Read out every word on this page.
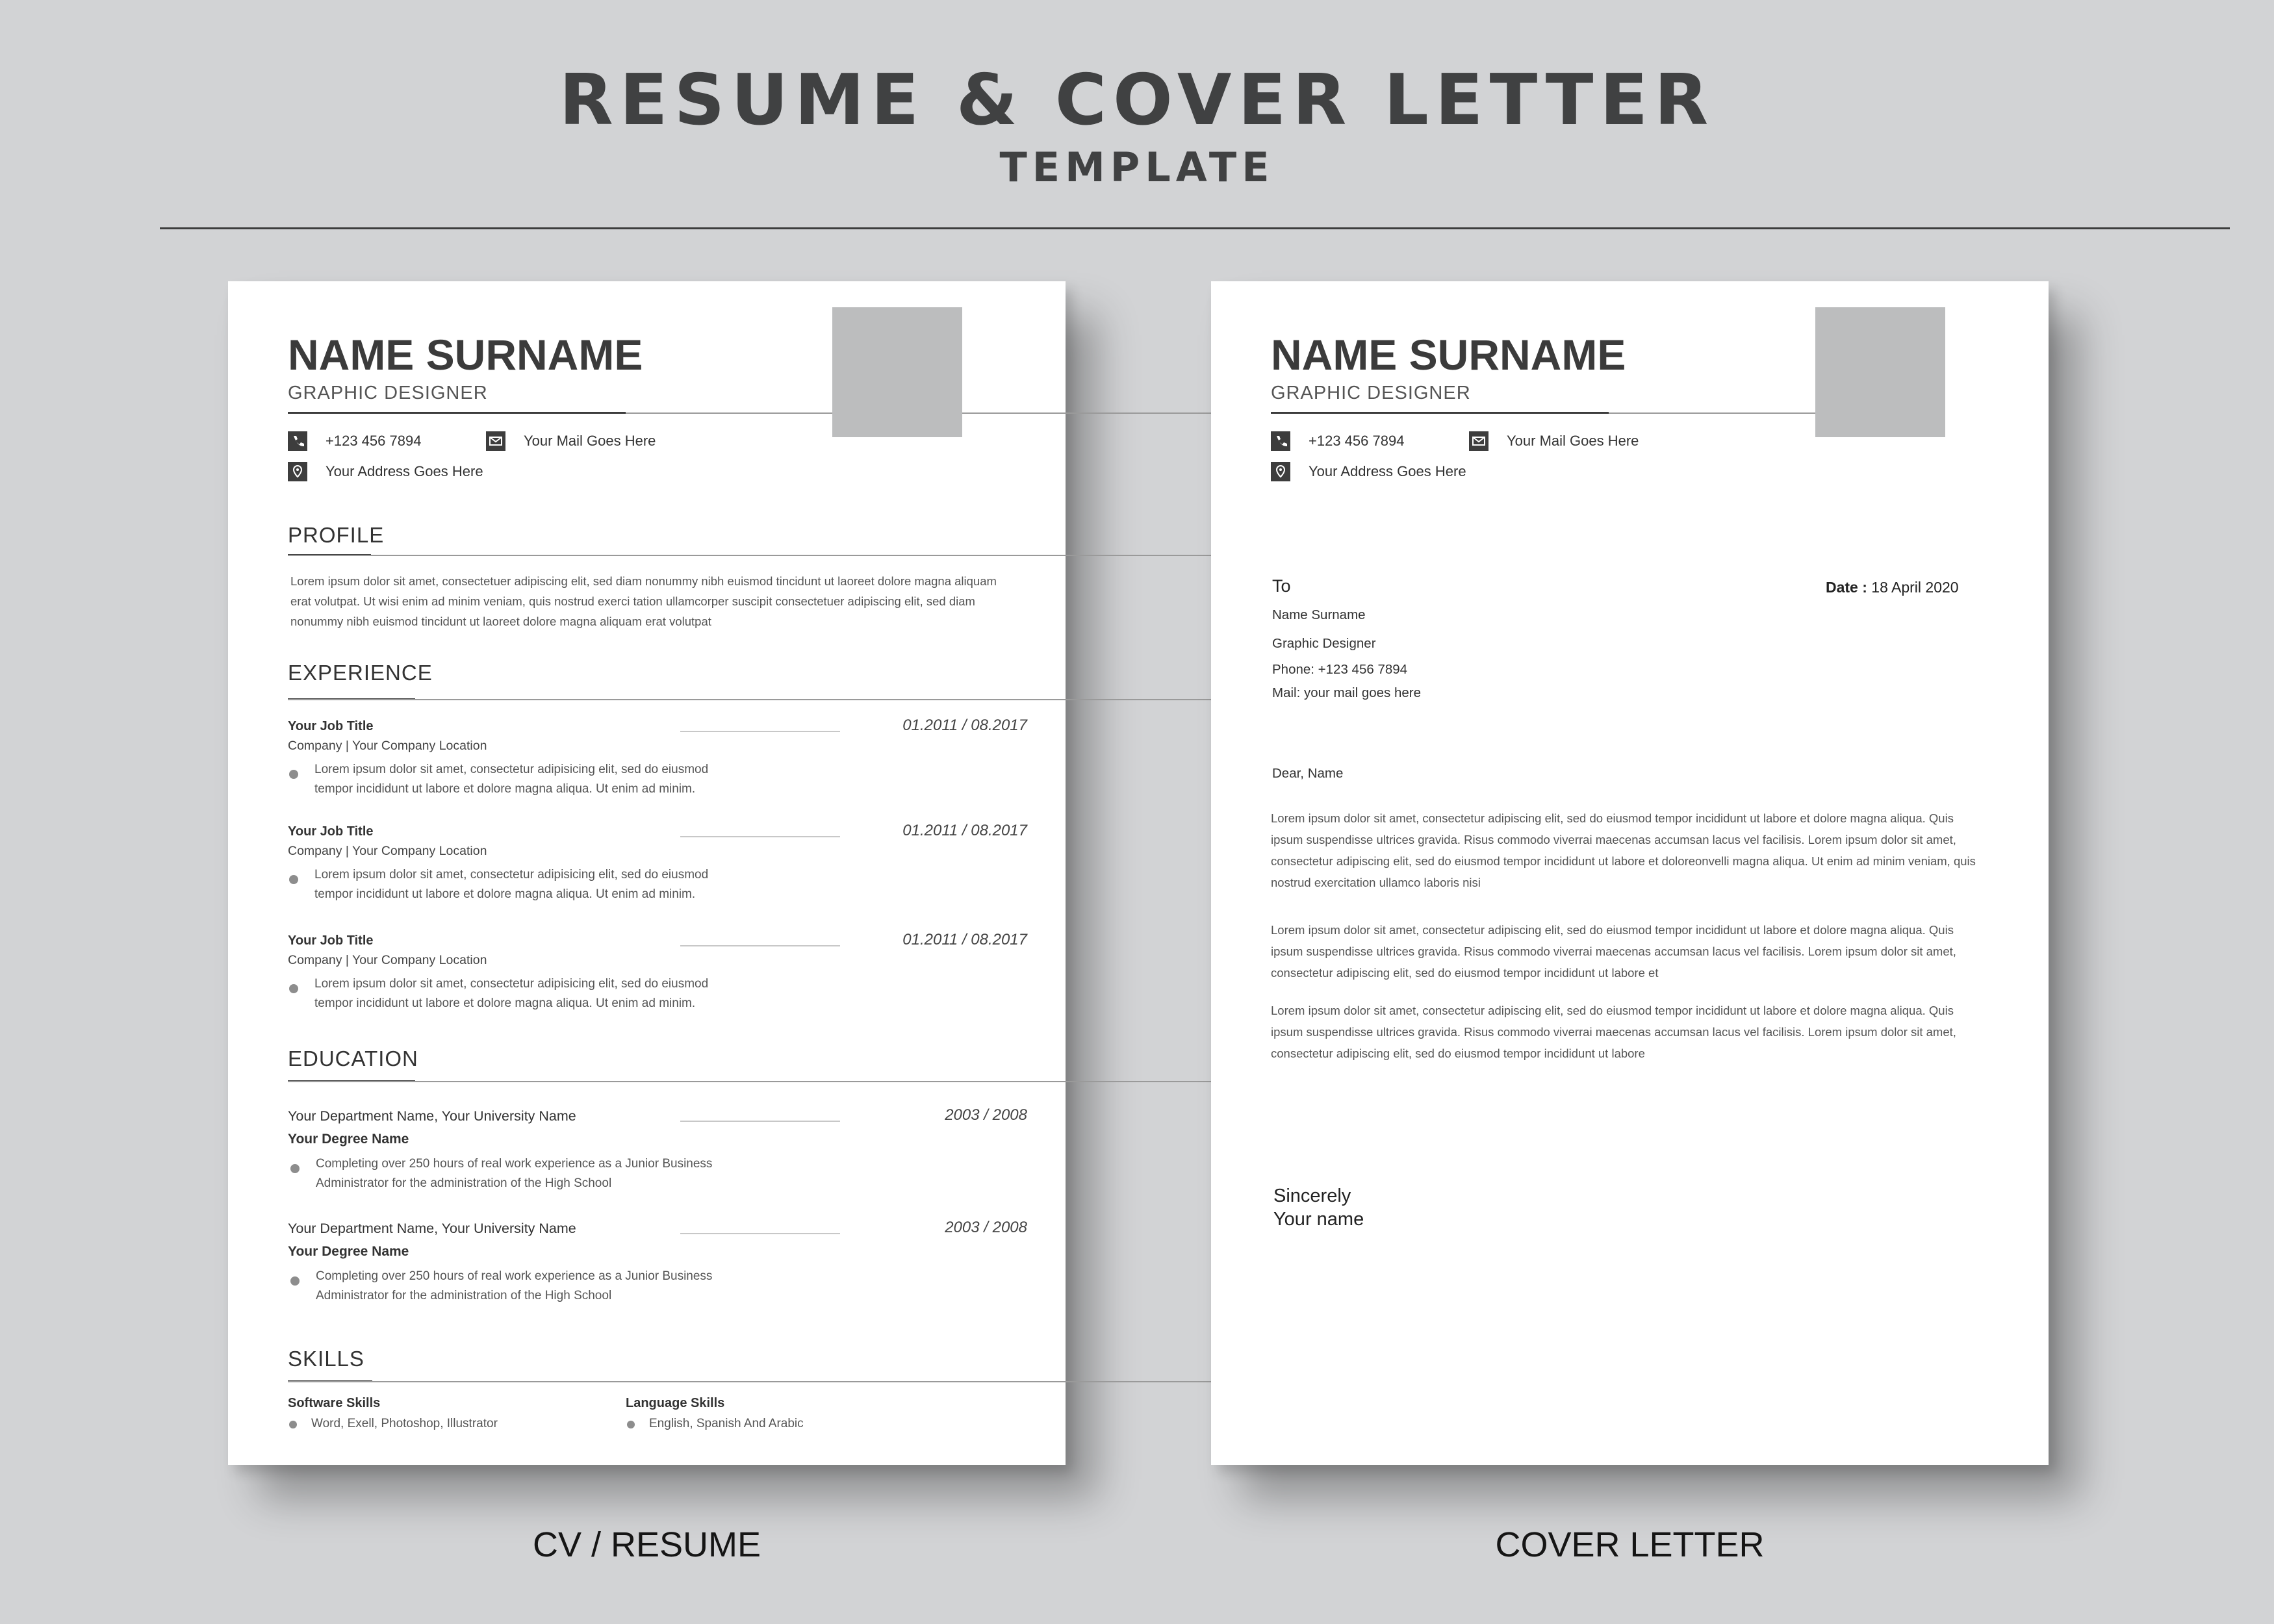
RESUME & COVER LETTER
TEMPLATE
NAME SURNAME
GRAPHIC DESIGNER
+123 456 7894	Your Mail Goes Here
Your Address Goes Here
PROFILE
Lorem ipsum dolor sit amet, consectetuer adipiscing elit, sed diam nonummy nibh euismod tincidunt ut laoreet dolore magna aliquam erat volutpat. Ut wisi enim ad minim veniam, quis nostrud exerci tation ullamcorper suscipit consectetuer adipiscing elit, sed diam nonummy nibh euismod tincidunt ut laoreet dolore magna aliquam erat volutpat
EXPERIENCE
Your Job Title	01.2011 / 08.2017
Company | Your Company Location
Lorem ipsum dolor sit amet, consectetur adipisicing elit, sed do eiusmod
tempor incididunt ut labore et dolore magna aliqua. Ut enim ad minim.
Your Job Title	01.2011 / 08.2017
Company | Your Company Location
Lorem ipsum dolor sit amet, consectetur adipisicing elit, sed do eiusmod
tempor incididunt ut labore et dolore magna aliqua. Ut enim ad minim.
Your Job Title	01.2011 / 08.2017
Company | Your Company Location
Lorem ipsum dolor sit amet, consectetur adipisicing elit, sed do eiusmod
tempor incididunt ut labore et dolore magna aliqua. Ut enim ad minim.
EDUCATION
Your Department Name, Your University Name	2003 / 2008
Your Degree Name
Completing over 250 hours of real work experience as a Junior Business
Administrator for the administration of the High School
Your Department Name, Your University Name	2003 / 2008
Your Degree Name
Completing over 250 hours of real work experience as a Junior Business
Administrator for the administration of the High School
SKILLS
Software Skills
Word, Exell, Photoshop, Illustrator
Language Skills
English, Spanish And Arabic
NAME SURNAME
GRAPHIC DESIGNER
+123 456 7894	Your Mail Goes Here
Your Address Goes Here
To	Date : 18 April 2020
Name Surname
Graphic Designer
Phone: +123 456 7894
Mail: your mail goes here
Dear, Name
Lorem ipsum dolor sit amet, consectetur adipiscing elit, sed do eiusmod tempor incididunt ut labore et dolore magna aliqua. Quis ipsum suspendisse ultrices gravida. Risus commodo viverrai maecenas accumsan lacus vel facilisis. Lorem ipsum dolor sit amet, consectetur adipiscing elit, sed do eiusmod tempor incididunt ut labore et doloreonvelli magna aliqua. Ut enim ad minim veniam, quis nostrud exercitation ullamco laboris nisi
Lorem ipsum dolor sit amet, consectetur adipiscing elit, sed do eiusmod tempor incididunt ut labore et dolore magna aliqua. Quis ipsum suspendisse ultrices gravida. Risus commodo viverrai maecenas accumsan lacus vel facilisis. Lorem ipsum dolor sit amet, consectetur adipiscing elit, sed do eiusmod tempor incididunt ut labore et
Lorem ipsum dolor sit amet, consectetur adipiscing elit, sed do eiusmod tempor incididunt ut labore et dolore magna aliqua. Quis ipsum suspendisse ultrices gravida. Risus commodo viverrai maecenas accumsan lacus vel facilisis. Lorem ipsum dolor sit amet, consectetur adipiscing elit, sed do eiusmod tempor incididunt ut labore
Sincerely
Your name
CV / RESUME	COVER LETTER
